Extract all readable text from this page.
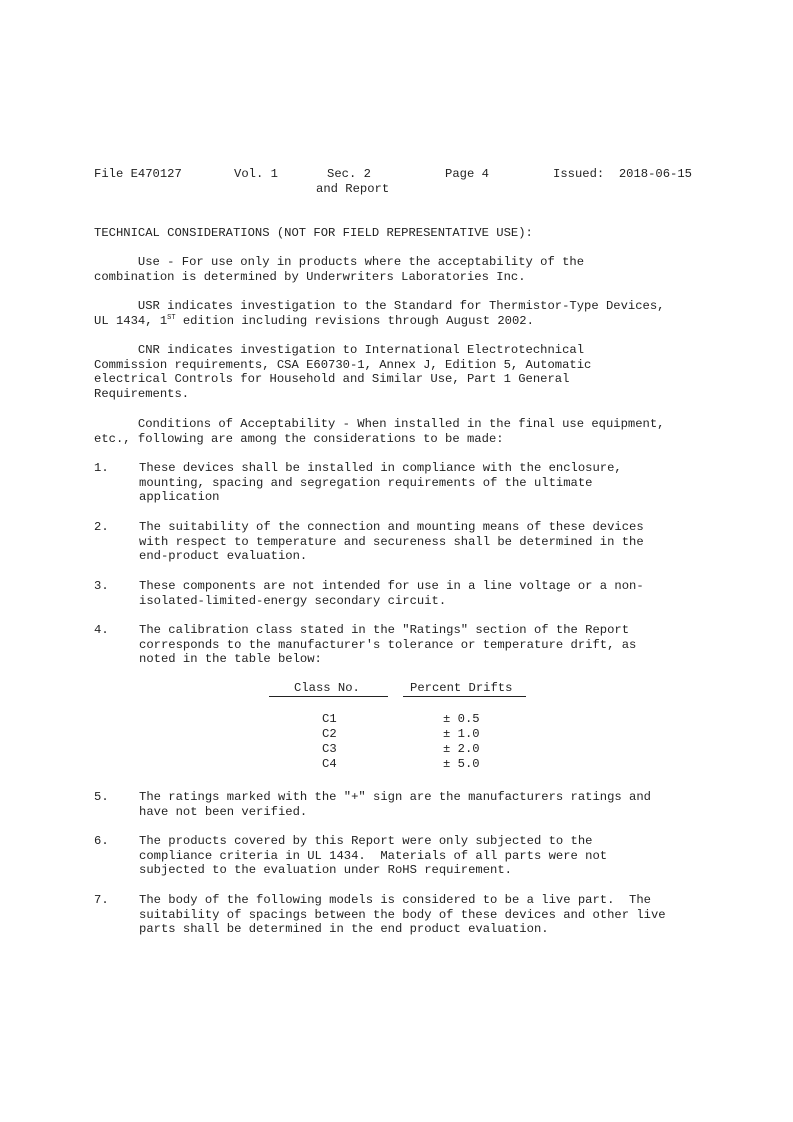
File E470127	Vol. 1	Sec. 2
and Report
Page 4	Issued:  2018-06-15
TECHNICAL CONSIDERATIONS (NOT FOR FIELD REPRESENTATIVE USE):
Use - For use only in products where the acceptability of the
combination is determined by Underwriters Laboratories Inc.
USR indicates investigation to the Standard for Thermistor-Type Devices,
UL 1434, 1ST edition including revisions through August 2002.
CNR indicates investigation to International Electrotechnical
Commission requirements, CSA E60730-1, Annex J, Edition 5, Automatic
electrical Controls for Household and Similar Use, Part 1 General
Requirements.
Conditions of Acceptability - When installed in the final use equipment,
etc., following are among the considerations to be made:
1. These devices shall be installed in compliance with the enclosure,
mounting, spacing and segregation requirements of the ultimate
application
2. The suitability of the connection and mounting means of these devices
with respect to temperature and secureness shall be determined in the
end-product evaluation.
3. These components are not intended for use in a line voltage or a non-
isolated-limited-energy secondary circuit.
4. The calibration class stated in the "Ratings" section of the Report
corresponds to the manufacturer's tolerance or temperature drift, as
noted in the table below:
Class No.	Percent Drifts
C1	± 0.5
C2	± 1.0
C3	± 2.0
C4	± 5.0
5. The ratings marked with the "+" sign are the manufacturers ratings and
have not been verified.
6. The products covered by this Report were only subjected to the
compliance criteria in UL 1434.  Materials of all parts were not
subjected to the evaluation under RoHS requirement.
7. The body of the following models is considered to be a live part.  The
suitability of spacings between the body of these devices and other live
parts shall be determined in the end product evaluation.
